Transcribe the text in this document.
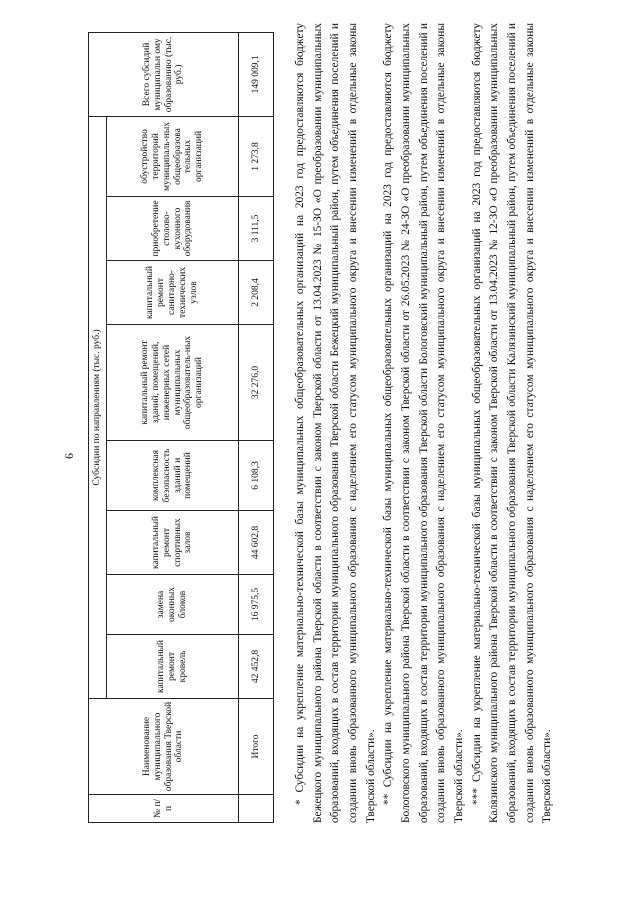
6
№ п/п	Наименование муниципального образования Тверской области	Субсидии по направлениям (тыс. руб.)								Всего субсидий муниципальн ому образованию (тыс. руб.)
		капитальный ремонт кровель	замена оконных блоков	капитальный ремонт спортивных залов	комплексная безопасность зданий и помещений	капитальный ремонт зданий, помещений, инженерных сетей муниципальных общеобразователь-ных организаций	капитальный ремонт санитарно-технических узлов	приобретение столово-кухонного оборудования	обустройство территорий муниципаль-ных общеобразова тельных организаций	
	Итого	42 452,8	16 975,5	44 602,8	6 108,3	32 276,0	2 208,4	3 111,5	1 273,8	149 009,1	* Субсидии на укрепление материально-технической базы муниципальных общеобразовательных организаций на 2023 год предоставляются бюджету Бежецкого муниципального района Тверской области в соответствии с законом Тверской области от 13.04.2023 № 15-ЗО «О преобразовании муниципальных образований, входящих в состав территории муниципального образования Тверской области Бежецкий муниципальный район, путем объединения поселений и создании вновь образованного муниципального образования с наделением его статусом муниципального округа и внесении изменений в отдельные законы Тверской области». ** Субсидии на укрепление материально-технической базы муниципальных общеобразовательных организаций на 2023 год предоставляются бюджету Бологовского муниципального района Тверской области в соответствии с законом Тверской области от 26.05.2023 № 24-ЗО «О преобразовании муниципальных образований, входящих в состав территории муниципального образования Тверской области Бологовский муниципальный район, путем объединения поселений и создании вновь образованного муниципального образования с наделением его статусом муниципального округа и внесении изменений в отдельные законы Тверской области». *** Субсидии на укрепление материально-технической базы муниципальных общеобразовательных организаций на 2023 год предоставляются бюджету Калязинского муниципального района Тверской области в соответствии с законом Тверской области от 13.04.2023 № 12-ЗО «О преобразовании муниципальных образований, входящих в состав территории муниципального образования Тверской области Калязинский муниципальный район, путем объединения поселений и создании вновь образованного муниципального образования с наделением его статусом муниципального округа и внесении изменений в отдельные законы Тверской области».
